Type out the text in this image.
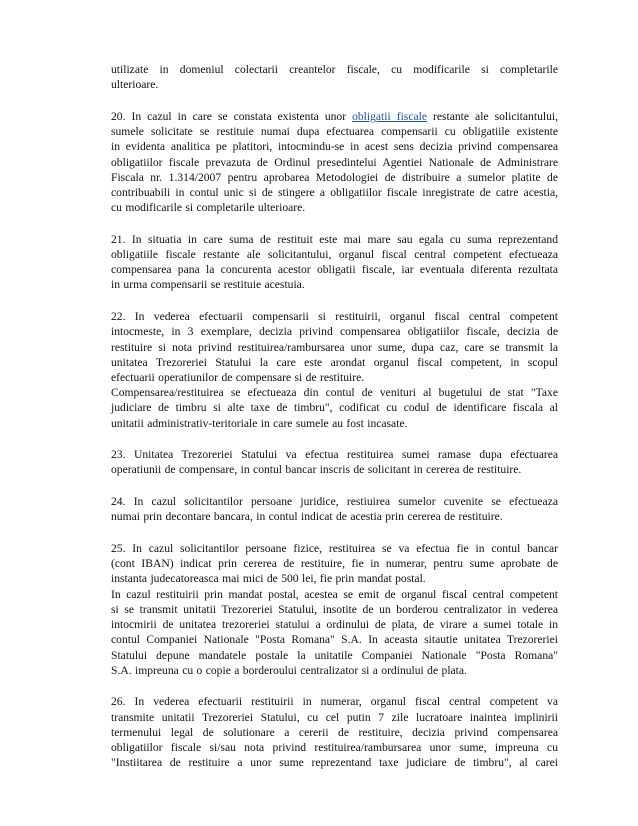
utilizate in domeniul colectarii creantelor fiscale, cu modificarile si completarile
ulterioare.
20. In cazul in care se constata existenta unor obligatii fiscale restante ale solicitantului,
sumele solicitate se restituie numai dupa efectuarea compensarii cu obligatiile existente
in evidenta analitica pe platitori, intocmindu-se in acest sens decizia privind compensarea
obligatiilor fiscale prevazuta de Ordinul presedintelui Agentiei Nationale de Administrare
Fiscala nr. 1.314/2007 pentru aprobarea Metodologiei de distribuire a sumelor platite de
contribuabili in contul unic si de stingere a obligatiilor fiscale inregistrate de catre acestia,
cu modificarile si completarile ulterioare.
21. In situatia in care suma de restituit este mai mare sau egala cu suma reprezentand
obligatiile fiscale restante ale solicitantului, organul fiscal central competent efectueaza
compensarea pana la concurenta acestor obligatii fiscale, iar eventuala diferenta rezultata
in urma compensarii se restituie acestuia.
22. In vederea efectuarii compensarii si restituirii, organul fiscal central competent
intocmeste, in 3 exemplare, decizia privind compensarea obligatiilor fiscale, decizia de
restituire si nota privind restituirea/rambursarea unor sume, dupa caz, care se transmit la
unitatea Trezoreriei Statului la care este arondat organul fiscal competent, in scopul
efectuarii operatiunilor de compensare si de restituire.
Compensarea/restituirea se efectueaza din contul de venituri al bugetului de stat "Taxe
judiciare de timbru si alte taxe de timbru", codificat cu codul de identificare fiscala al
unitatii administrativ-teritoriale in care sumele au fost incasate.
23. Unitatea Trezoreriei Statului va efectua restituirea sumei ramase dupa efectuarea
operatiunii de compensare, in contul bancar inscris de solicitant in cererea de restituire.
24. In cazul solicitantilor persoane juridice, restiuirea sumelor cuvenite se efectueaza
numai prin decontare bancara, in contul indicat de acestia prin cererea de restituire.
25. In cazul solicitantilor persoane fizice, restituirea se va efectua fie in contul bancar
(cont IBAN) indicat prin cererea de restituire, fie in numerar, pentru sume aprobate de
instanta judecatoreasca mai mici de 500 lei, fie prin mandat postal.
In cazul restituirii prin mandat postal, acestea se emit de organul fiscal central competent
si se transmit unitatii Trezoreriei Statului, insotite de un borderou centralizator in vederea
intocmirii de unitatea trezoreriei statului a ordinului de plata, de virare a sumei totale in
contul Companiei Nationale "Posta Romana" S.A. In aceasta sitautie unitatea Trezoreriei
Statului depune mandatele postale la unitatile Companiei Nationale "Posta Romana"
S.A. impreuna cu o copie a borderoului centralizator si a ordinului de plata.
26. In vederea efectuarii restituirii in numerar, organul fiscal central competent va
transmite unitatii Trezoreriei Statului, cu cel putin 7 zile lucratoare inaintea implinirii
termenului legal de solutionare a cererii de restituire, decizia privind compensarea
obligatiilor fiscale si/sau nota privind restituirea/rambursarea unor sume, impreuna cu
"Instiitarea de restituire a unor sume reprezentand taxe judiciare de timbru", al carei
